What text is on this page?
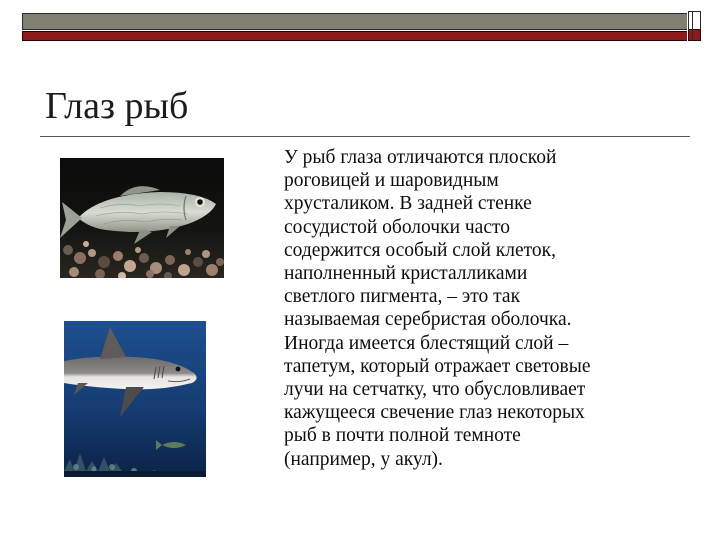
Глаз рыб

У рыб глаза отличаются плоской
роговицей и шаровидным
хрусталиком. В задней стенке
сосудистой оболочки часто
содержится особый слой клеток,
наполненный кристалликами
светлого пигмента, – это так
называемая серебристая оболочка.
Иногда имеется блестящий слой –
тапетум, который отражает световые
лучи на сетчатку, что обусловливает
кажущееся свечение глаз некоторых
рыб в почти полной темноте
(например, у акул).
